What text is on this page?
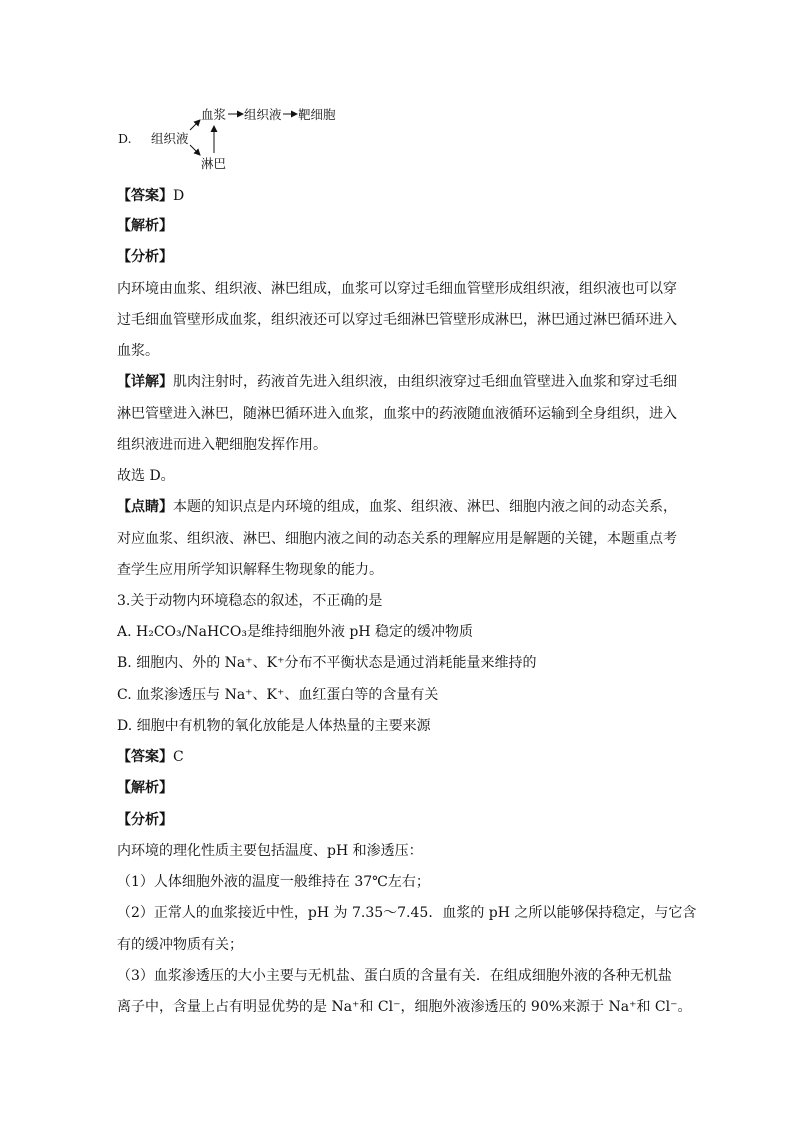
D. 组织液
血浆 组织液 靶细胞
淋巴
【答案】D
【解析】
【分析】
内环境由血浆、组织液、淋巴组成，血浆可以穿过毛细血管壁形成组织液，组织液也可以穿
过毛细血管壁形成血浆，组织液还可以穿过毛细淋巴管壁形成淋巴，淋巴通过淋巴循环进入
血浆。
【详解】肌肉注射时，药液首先进入组织液，由组织液穿过毛细血管壁进入血浆和穿过毛细
淋巴管壁进入淋巴，随淋巴循环进入血浆，血浆中的药液随血液循环运输到全身组织，进入
组织液进而进入靶细胞发挥作用。
故选 D。
【点睛】本题的知识点是内环境的组成，血浆、组织液、淋巴、细胞内液之间的动态关系，
对应血浆、组织液、淋巴、细胞内液之间的动态关系的理解应用是解题的关键，本题重点考
查学生应用所学知识解释生物现象的能力。
3.关于动物内环境稳态的叙述，不正确的是
A. H₂CO₃/NaHCO₃是维持细胞外液 pH 稳定的缓冲物质
B. 细胞内、外的 Na⁺、K⁺分布不平衡状态是通过消耗能量来维持的
C. 血浆渗透压与 Na⁺、K⁺、血红蛋白等的含量有关
D. 细胞中有机物的氧化放能是人体热量的主要来源
【答案】C
【解析】
【分析】
内环境的理化性质主要包括温度、pH 和渗透压：
（1）人体细胞外液的温度一般维持在 37℃左右；
（2）正常人的血浆接近中性，pH 为 7.35～7.45．血浆的 pH 之所以能够保持稳定，与它含
有的缓冲物质有关；
（3）血浆渗透压的大小主要与无机盐、蛋白质的含量有关．在组成细胞外液的各种无机盐
离子中，含量上占有明显优势的是 Na⁺和 Cl⁻，细胞外液渗透压的 90%来源于 Na⁺和 Cl⁻。
